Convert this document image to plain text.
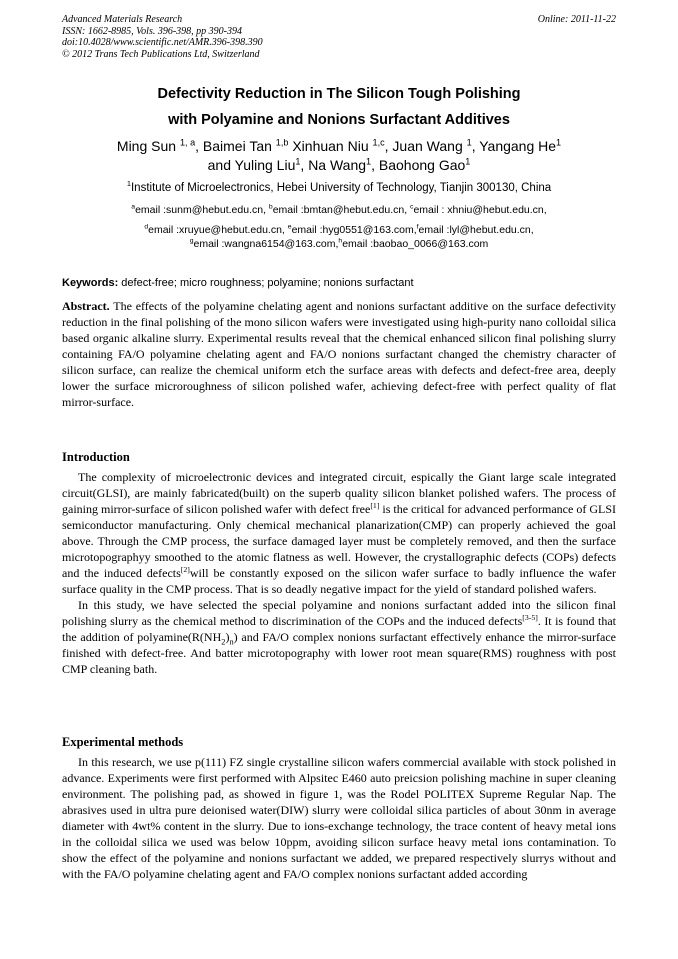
Advanced Materials Research
ISSN: 1662-8985, Vols. 396-398, pp 390-394
doi:10.4028/www.scientific.net/AMR.396-398.390
© 2012 Trans Tech Publications Ltd, Switzerland
Online: 2011-11-22
Defectivity Reduction in The Silicon Tough Polishing
with Polyamine and Nonions Surfactant Additives
Ming Sun $^{1, a}$, Baimei Tan $^{1,b}$ Xinhuan Niu $^{1,c}$, Juan Wang $^1$, Yangang He$^1$
and Yuling Liu$^1$, Na Wang$^1$, Baohong Gao$^1$
$^1$Institute of Microelectronics, Hebei University of Technology, Tianjin 300130, China
$^a$email :sunm@hebut.edu.cn, $^b$email :bmtan@hebut.edu.cn, $^c$email : xhniu@hebut.edu.cn,
$^d$email :xruyue@hebut.edu.cn, $^e$email :hyg0551@163.com,$^f$email :lyl@hebut.edu.cn,
$^g$email :wangna6154@163.com,$^h$email :baobao_0066@163.com
Keywords: defect-free; micro roughness; polyamine; nonions surfactant
Abstract. The effects of the polyamine chelating agent and nonions surfactant additive on the surface defectivity reduction in the final polishing of the mono silicon wafers were investigated using high-purity nano colloidal silica based organic alkaline slurry. Experimental results reveal that the chemical enhanced silicon final polishing slurry containing FA/O polyamine chelating agent and FA/O nonions surfactant changed the chemistry character of silicon surface, can realize the chemical uniform etch the surface areas with defects and defect-free area, deeply lower the surface microroughness of silicon polished wafer, achieving defect-free with perfect quality of flat mirror-surface.
Introduction

The complexity of microelectronic devices and integrated circuit, espically the Giant large scale integrated circuit(GLSI), are mainly fabricated(built) on the superb quality silicon blanket polished wafers. The process of gaining mirror-surface of silicon polished wafer with defect free[1] is the critical for advanced performance of GLSI semiconductor manufacturing. Only chemical mechanical planarization(CMP) can properly achieved the goal above. Through the CMP process, the surface damaged layer must be completely removed, and then the surface microtopographyy smoothed to the atomic flatness as well. However, the crystallographic defects (COPs) defects and the induced defects[2]will be constantly exposed on the silicon wafer surface to badly influence the wafer surface quality in the CMP process. That is so deadly negative impact for the yield of standard polished wafers.

In this study, we have selected the special polyamine and nonions surfactant added into the silicon final polishing slurry as the chemical method to discrimination of the COPs and the induced defects[3-5]. It is found that the addition of $polyamine(R(NH_2)_n)$ and FA/O complex nonions surfactant effectively enhance the mirror-surface finished with defect-free. And batter microtopography with lower root mean square(RMS) roughness with post CMP cleaning bath.

Experimental methods

In this research, we use p(111) FZ single crystalline silicon wafers commercial available with stock polished in advance. Experiments were first performed with Alpsitec E460 auto preicsion polishing machine in super cleaning environment. The polishing pad, as showed in figure 1, was the Rodel POLITEX Supreme Regular Nap. The abrasives used in ultra pure deionised water(DIW) slurry were colloidal silica particles of about 30nm in average diameter with 4wt% content in the slurry. Due to ions-exchange technology, the trace content of heavy metal ions in the colloidal silica we used was below 10ppm, avoiding silicon surface heavy metal ions contamination. To show the effect of the polyamine and nonions surfactant we added, we prepared respectively slurrys without and with the FA/O polyamine chelating agent and FA/O complex nonions surfactant added according
